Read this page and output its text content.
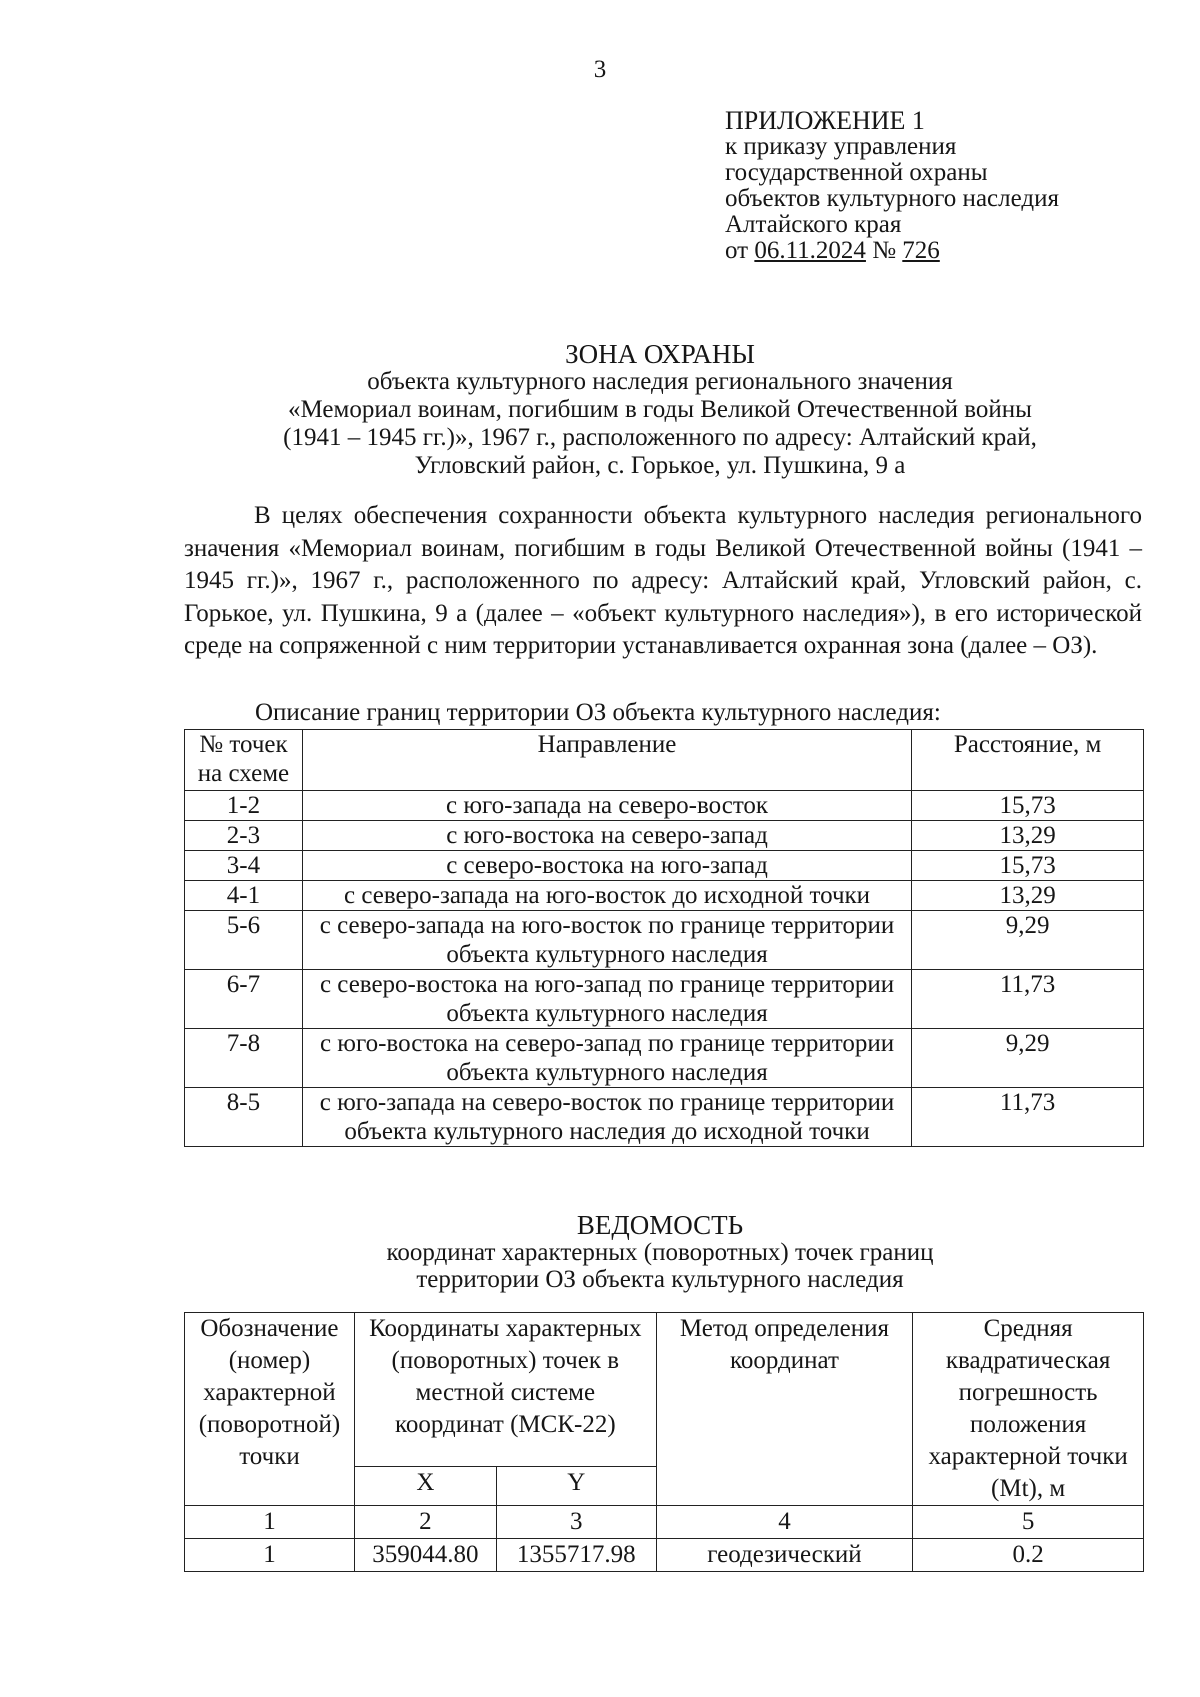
3
ПРИЛОЖЕНИЕ 1
к приказу управления
государственной охраны
объектов культурного наследия
Алтайского края
от 06.11.2024 № 726
ЗОНА ОХРАНЫ
объекта культурного наследия регионального значения
«Мемориал воинам, погибшим в годы Великой Отечественной войны
(1941 – 1945 гг.)», 1967 г., расположенного по адресу: Алтайский край,
Угловский район, с. Горькое, ул. Пушкина, 9 а
В целях обеспечения сохранности объекта культурного наследия регионального значения «Мемориал воинам, погибшим в годы Великой Отечественной войны (1941 – 1945 гг.)», 1967 г., расположенного по адресу: Алтайский край, Угловский район, с. Горькое, ул. Пушкина, 9 а (далее – «объект культурного наследия»), в его исторической среде на сопряженной с ним территории устанавливается охранная зона (далее – ОЗ).
Описание границ территории ОЗ объекта культурного наследия:
№ точек на схеме	Направление	Расстояние, м
1-2	с юго-запада на северо-восток	15,73
2-3	с юго-востока на северо-запад	13,29
3-4	с северо-востока на юго-запад	15,73
4-1	с северо-запада на юго-восток до исходной точки	13,29
5-6	с северо-запада на юго-восток по границе территории объекта культурного наследия	9,29
6-7	с северо-востока на юго-запад по границе территории объекта культурного наследия	11,73
7-8	с юго-востока на северо-запад по границе территории объекта культурного наследия	9,29
8-5	с юго-запада на северо-восток по границе территории объекта культурного наследия до исходной точки	11,73
ВЕДОМОСТЬ
координат характерных (поворотных) точек границ
территории ОЗ объекта культурного наследия
Обозначение (номер) характерной (поворотной) точки	Координаты характерных (поворотных) точек в местной системе координат (МСК-22)		Метод определения координат	Средняя квадратическая погрешность положения характерной точки (Mt), м
	X	Y		
1	2	3	4	5
1	359044.80	1355717.98	геодезический	0.2
